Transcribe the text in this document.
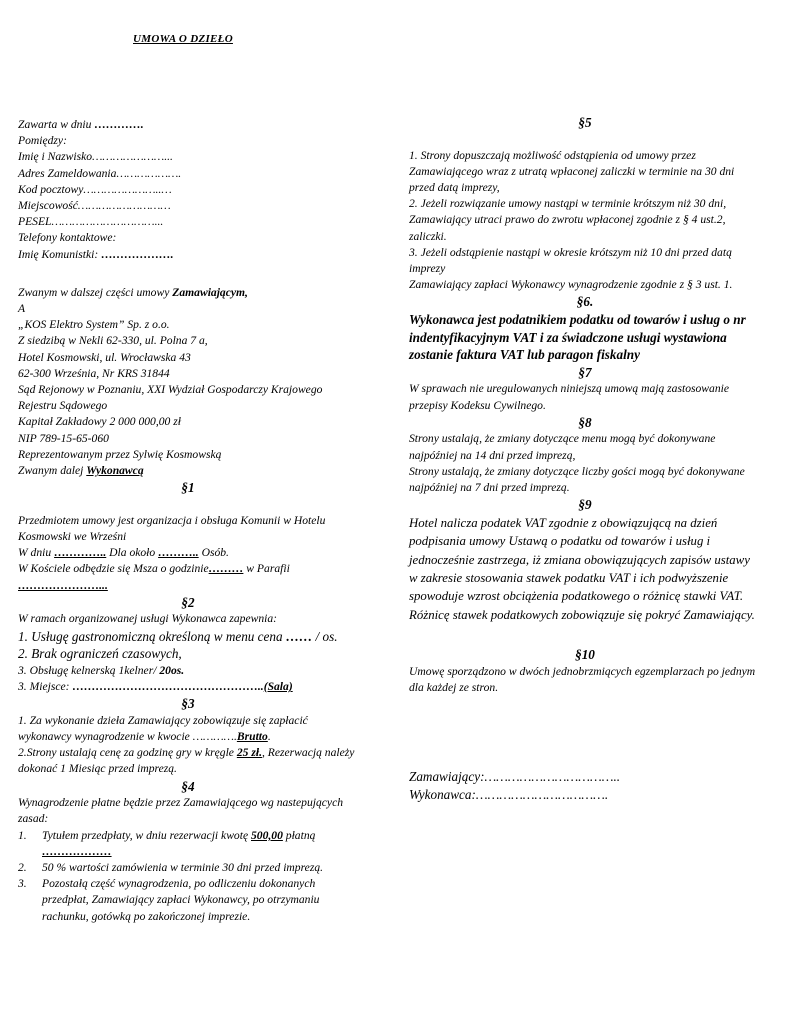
UMOWA O DZIEŁO

Zawarta w dniu ………….

Pomiędzy:

Imię i Nazwisko…………………...

Adres Zameldowania……………….

Kod pocztowy…………………..…

Miejscowość………………………

PESEL…………………………...

Telefony kontaktowe:

Imię Komunistki: ……………….

Zwanym w dalszej części umowy Zamawiającym,

A

„KOS Elektro System” Sp. z o.o.

Z siedzibą w Nekli 62-330, ul. Polna 7 a,

Hotel Kosmowski, ul. Wrocławska 43

62-300 Września, Nr KRS 31844

Sąd Rejonowy w Poznaniu, XXI Wydział Gospodarczy Krajowego

Rejestru Sądowego

Kapitał Zakładowy 2 000 000,00 zł

NIP 789-15-65-060

Reprezentowanym przez Sylwię Kosmowską

Zwanym dalej Wykonawcą

§1

Przedmiotem umowy jest organizacja i obsługa Komunii w Hotelu Kosmowski we Wrześni

W dniu ………….. Dla około ……….. Osób.

W Kościele odbędzie się Msza o godzinie……… w Parafii

…………………...

§2

W ramach organizowanej usługi Wykonawca zapewnia:

1. Usługę gastronomiczną określoną w menu cena …… / os.

2. Brak ograniczeń czasowych,

3. Obsługę kelnerską 1kelner/ 20os.

3. Miejsce: …………………………………………..(Sala)

§3

1. Za wykonanie dzieła Zamawiający zobowiązuje się zapłacić wykonawcy wynagrodzenie w kwocie ………….Brutto.

2.Strony ustalają cenę za godzinę gry w kręgle 25 zł., Rezerwacją należy dokonać 1 Miesiąc przed imprezą.

§4

Wynagrodzenie płatne będzie przez Zamawiającego wg nastepujących zasad:

1.	Tytułem przedpłaty, w dniu rezerwacji kwotę 500,00 płatną
………………
2.	50 % wartości zamówienia w terminie 30 dni przed imprezą.
3.	Pozostałą część wynagrodzenia, po odliczeniu dokonanych przedpłat, Zamawiający zapłaci Wykonawcy, po otrzymaniu rachunku, gotówką po zakończonej imprezie.

§5

1. Strony dopuszczają możliwość odstąpienia od umowy przez Zamawiającego wraz z utratą wpłaconej zaliczki w terminie na 30 dni przed datą imprezy,

2. Jeżeli rozwiązanie umowy nastąpi w terminie krótszym niż 30 dni, Zamawiający utraci prawo do zwrotu wpłaconej zgodnie z § 4 ust.2, zaliczki.

3. Jeżeli odstąpienie nastąpi w okresie krótszym niż 10 dni przed datą imprezy

Zamawiający zapłaci Wykonawcy wynagrodzenie zgodnie z § 3 ust. 1.

§6.

Wykonawca jest podatnikiem podatku od towarów i usług o nr indentyfikacyjnym VAT i za świadczone usługi wystawiona zostanie faktura VAT lub paragon fiskalny

§7

W sprawach nie uregulowanych niniejszą umową mają zastosowanie przepisy Kodeksu Cywilnego.

§8

Strony ustalają, że zmiany dotyczące menu mogą być dokonywane najpóźniej na 14 dni przed imprezą,

Strony ustalają, że zmiany dotyczące liczby gości mogą być dokonywane najpóźniej na 7 dni przed imprezą.

§9

Hotel nalicza podatek VAT zgodnie z obowiązującą na dzień podpisania umowy Ustawą o podatku od towarów i usług i jednocześnie zastrzega, iż zmiana obowiązujących zapisów ustawy w zakresie stosowania stawek podatku VAT i ich podwyższenie spowoduje wzrost obciążenia podatkowego o różnicę stawki VAT. Różnicę stawek podatkowych zobowiązuje się pokryć Zamawiający.

§10

Umowę sporządzono w dwóch jednobrzmiących egzemplarzach po jednym dla każdej ze stron.

Zamawiający:……………………………..

Wykonawca:…………………………….
